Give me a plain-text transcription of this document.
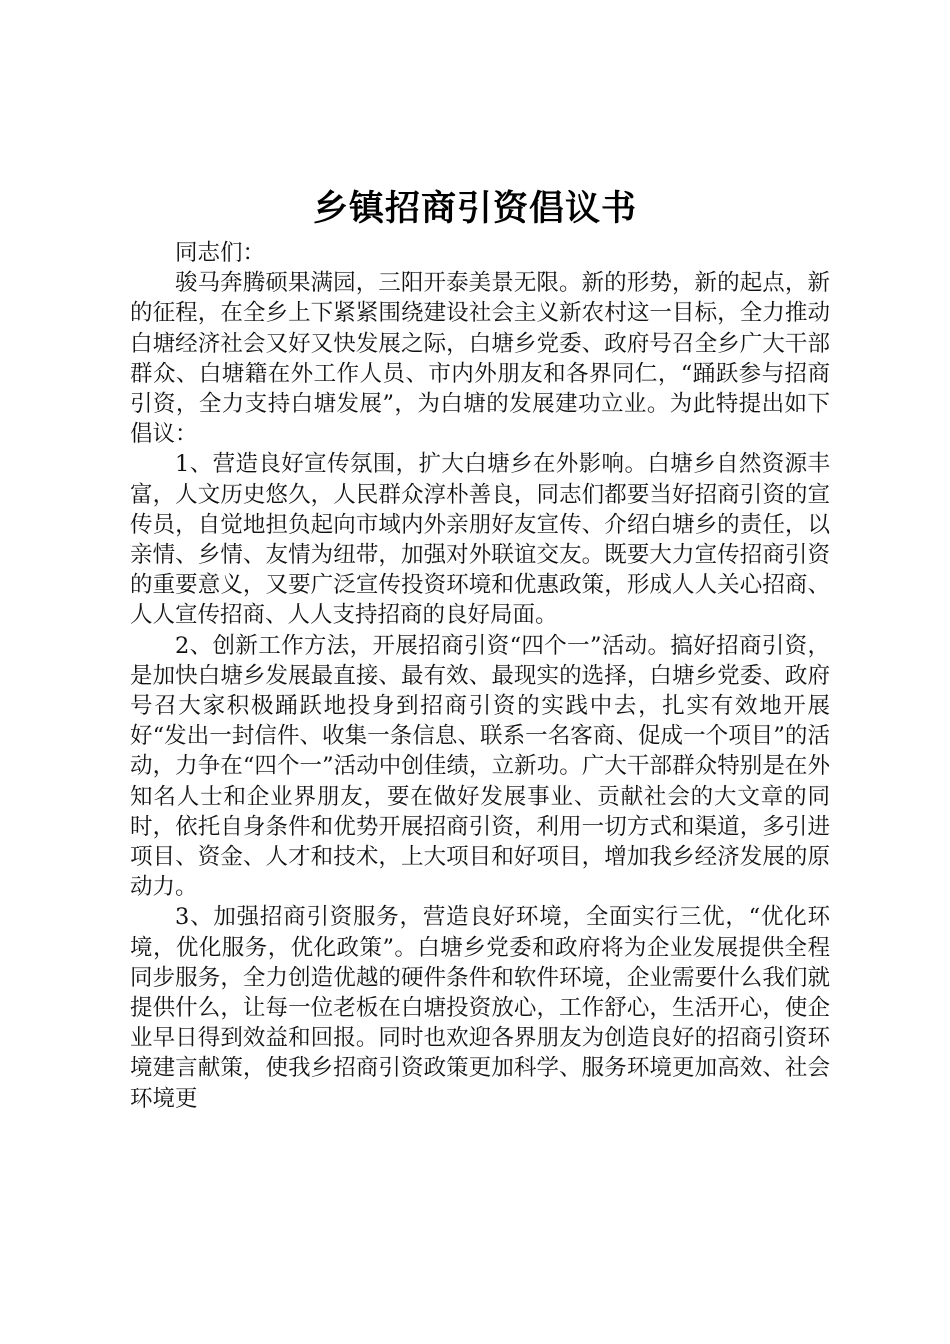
乡镇招商引资倡议书

同志们：

骏马奔腾硕果满园，三阳开泰美景无限。新的形势，新的起点，新的征程，在全乡上下紧紧围绕建设社会主义新农村这一目标，全力推动白塘经济社会又好又快发展之际，白塘乡党委、政府号召全乡广大干部群众、白塘籍在外工作人员、市内外朋友和各界同仁，“踊跃参与招商引资，全力支持白塘发展”，为白塘的发展建功立业。为此特提出如下倡议：

1、营造良好宣传氛围，扩大白塘乡在外影响。白塘乡自然资源丰富，人文历史悠久，人民群众淳朴善良，同志们都要当好招商引资的宣传员，自觉地担负起向市域内外亲朋好友宣传、介绍白塘乡的责任，以亲情、乡情、友情为纽带，加强对外联谊交友。既要大力宣传招商引资的重要意义，又要广泛宣传投资环境和优惠政策，形成人人关心招商、人人宣传招商、人人支持招商的良好局面。

2、创新工作方法，开展招商引资“四个一”活动。搞好招商引资，是加快白塘乡发展最直接、最有效、最现实的选择，白塘乡党委、政府号召大家积极踊跃地投身到招商引资的实践中去，扎实有效地开展好“发出一封信件、收集一条信息、联系一名客商、促成一个项目”的活动，力争在“四个一”活动中创佳绩，立新功。广大干部群众特别是在外知名人士和企业界朋友，要在做好发展事业、贡献社会的大文章的同时，依托自身条件和优势开展招商引资，利用一切方式和渠道，多引进项目、资金、人才和技术，上大项目和好项目，增加我乡经济发展的原动力。

3、加强招商引资服务，营造良好环境，全面实行三优，“优化环境，优化服务，优化政策”。白塘乡党委和政府将为企业发展提供全程同步服务，全力创造优越的硬件条件和软件环境，企业需要什么我们就提供什么，让每一位老板在白塘投资放心，工作舒心，生活开心，使企业早日得到效益和回报。同时也欢迎各界朋友为创造良好的招商引资环境建言献策，使我乡招商引资政策更加科学、服务环境更加高效、社会环境更
